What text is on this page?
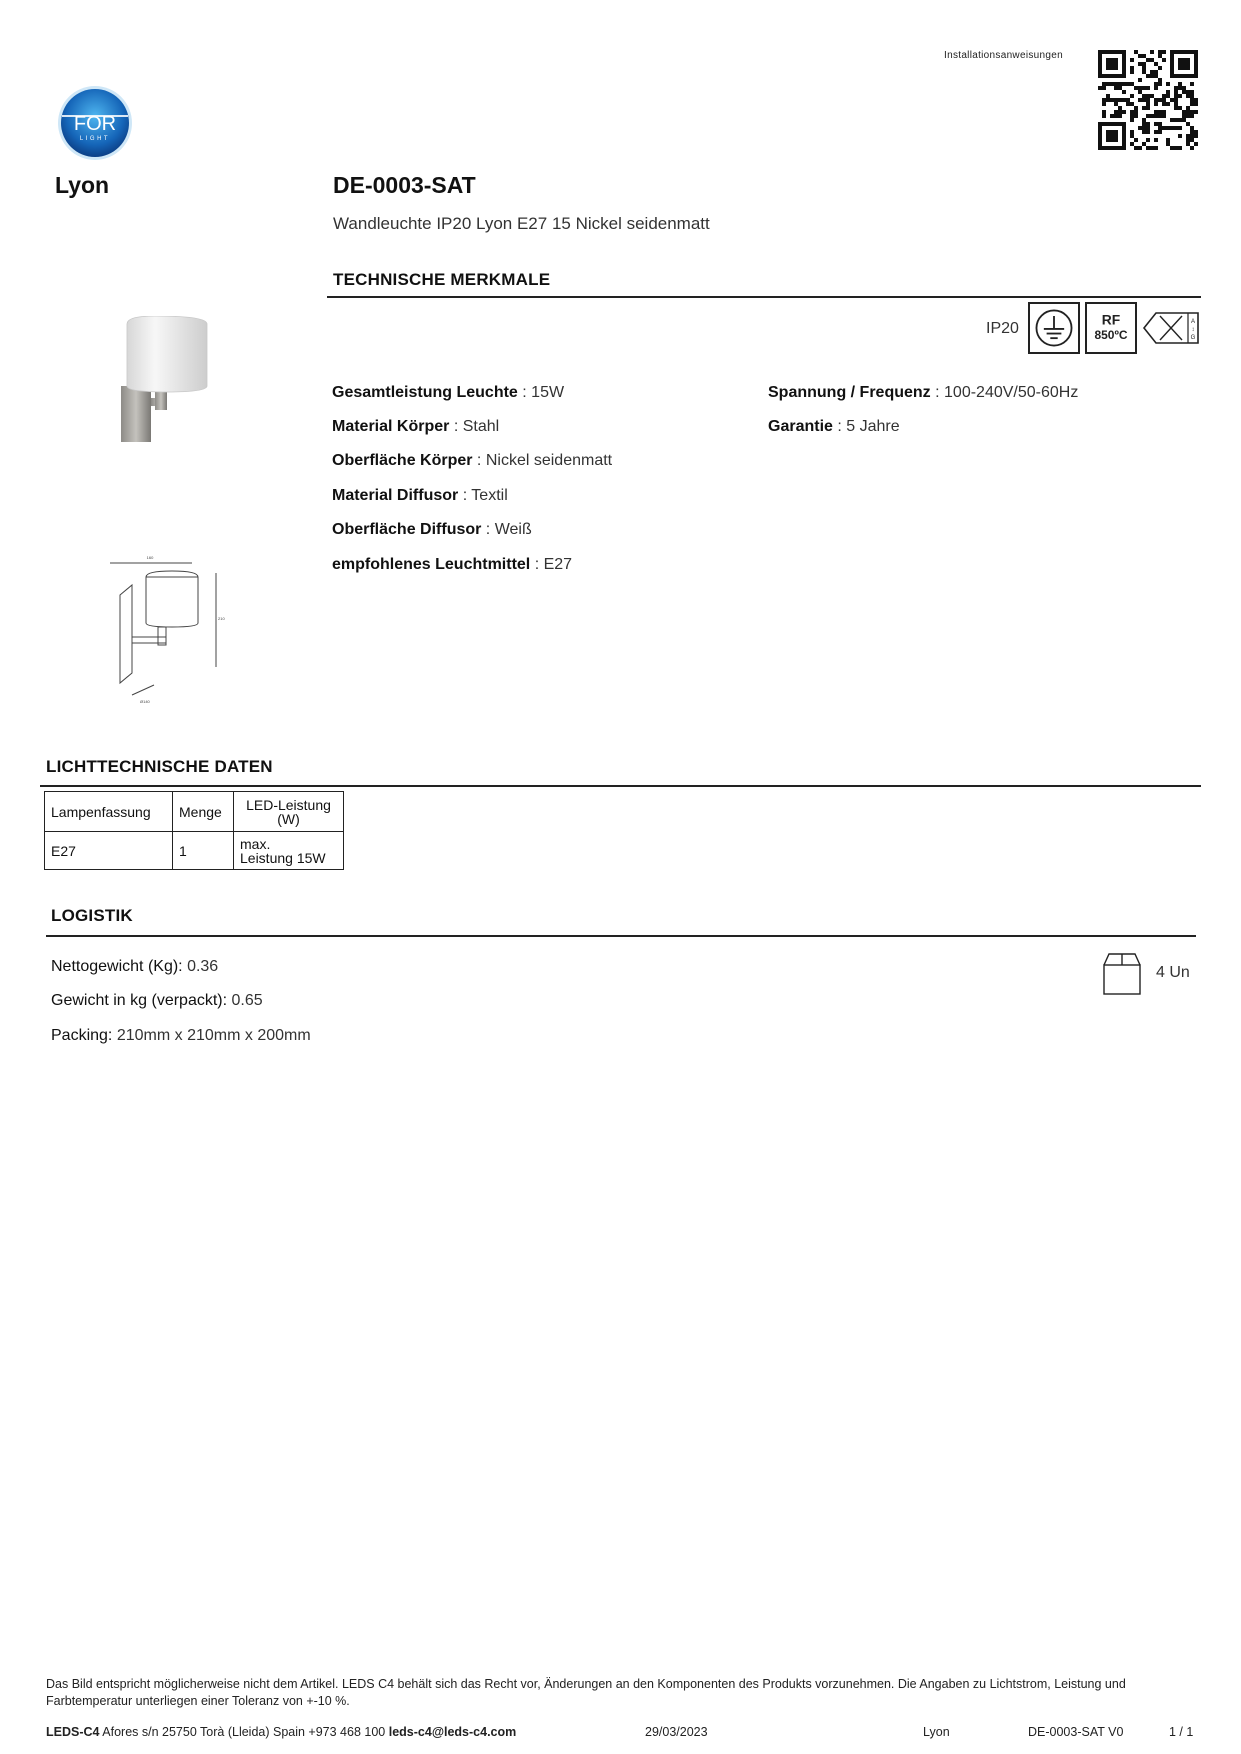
FOR
LIGHT
Installationsanweisungen
Lyon	DE-0003-SAT
Wandleuchte IP20 Lyon E27 15 Nickel seidenmatt
TECHNISCHE MERKMALE
IP20
RF
850ºC
A
↕
G
Gesamtleistung Leuchte : 15W
Material Körper : Stahl
Oberfläche Körper : Nickel seidenmatt
Material Diffusor : Textil
Oberfläche Diffusor : Weiß
empfohlenes Leuchtmittel : E27
Spannung / Frequenz : 100-240V/50-60Hz
Garantie : 5 Jahre
160
210
Ø140
LICHTTECHNISCHE DATEN
Lampenfassung	Menge	LED-Leistung
(W)
E27	1	max.
Leistung 15W
LOGISTIK
Nettogewicht (Kg): 0.36
Gewicht in kg (verpackt): 0.65
Packing: 210mm x 210mm x 200mm
4 Un
Das Bild entspricht möglicherweise nicht dem Artikel. LEDS C4 behält sich das Recht vor, Änderungen an den Komponenten des Produkts vorzunehmen. Die Angaben zu Lichtstrom, Leistung und Farbtemperatur unterliegen einer Toleranz von +-10 %.
LEDS-C4 Afores s/n 25750 Torà (Lleida) Spain +973 468 100 leds-c4@leds-c4.com	29/03/2023	Lyon	DE-0003-SAT V0	1 / 1
